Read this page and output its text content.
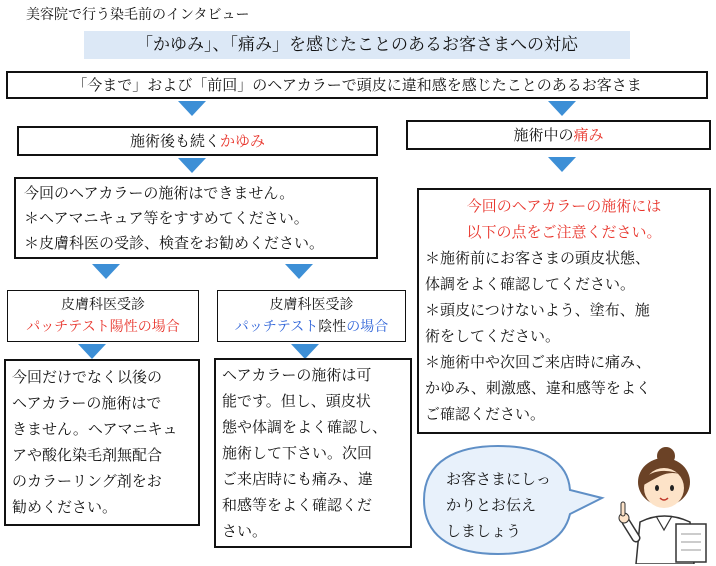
美容院で行う染毛前のインタビュー
「かゆみ」、「痛み」を感じたことのあるお客さまへの対応
「今まで」および「前回」のヘアカラーで頭皮に違和感を感じたことのあるお客さま
施術後も続くかゆみ
今回のヘアカラーの施術はできません。
＊ヘアマニキュア等をすすめてください。
＊皮膚科医の受診、検査をお勧めください。
皮膚科医受診
パッチテスト陽性の場合
皮膚科医受診
パッチテスト陰性の場合
今回だけでなく以後の
ヘアカラーの施術はで
きません。ヘアマニキュ
アや酸化染毛剤無配合
のカラーリング剤をお
勧めください。
ヘアカラーの施術は可
能です。但し、頭皮状
態や体調をよく確認し、
施術して下さい。次回
ご来店時にも痛み、違
和感等をよく確認くだ
さい。
施術中の痛み
今回のヘアカラーの施術には
以下の点をご注意ください。
＊施術前にお客さまの頭皮状態、
体調をよく確認してください。
＊頭皮につけないよう、塗布、施
術をしてください。
＊施術中や次回ご来店時に痛み、
かゆみ、刺激感、違和感等をよく
ご確認ください。
お客さまにしっ
かりとお伝え
しましょう
